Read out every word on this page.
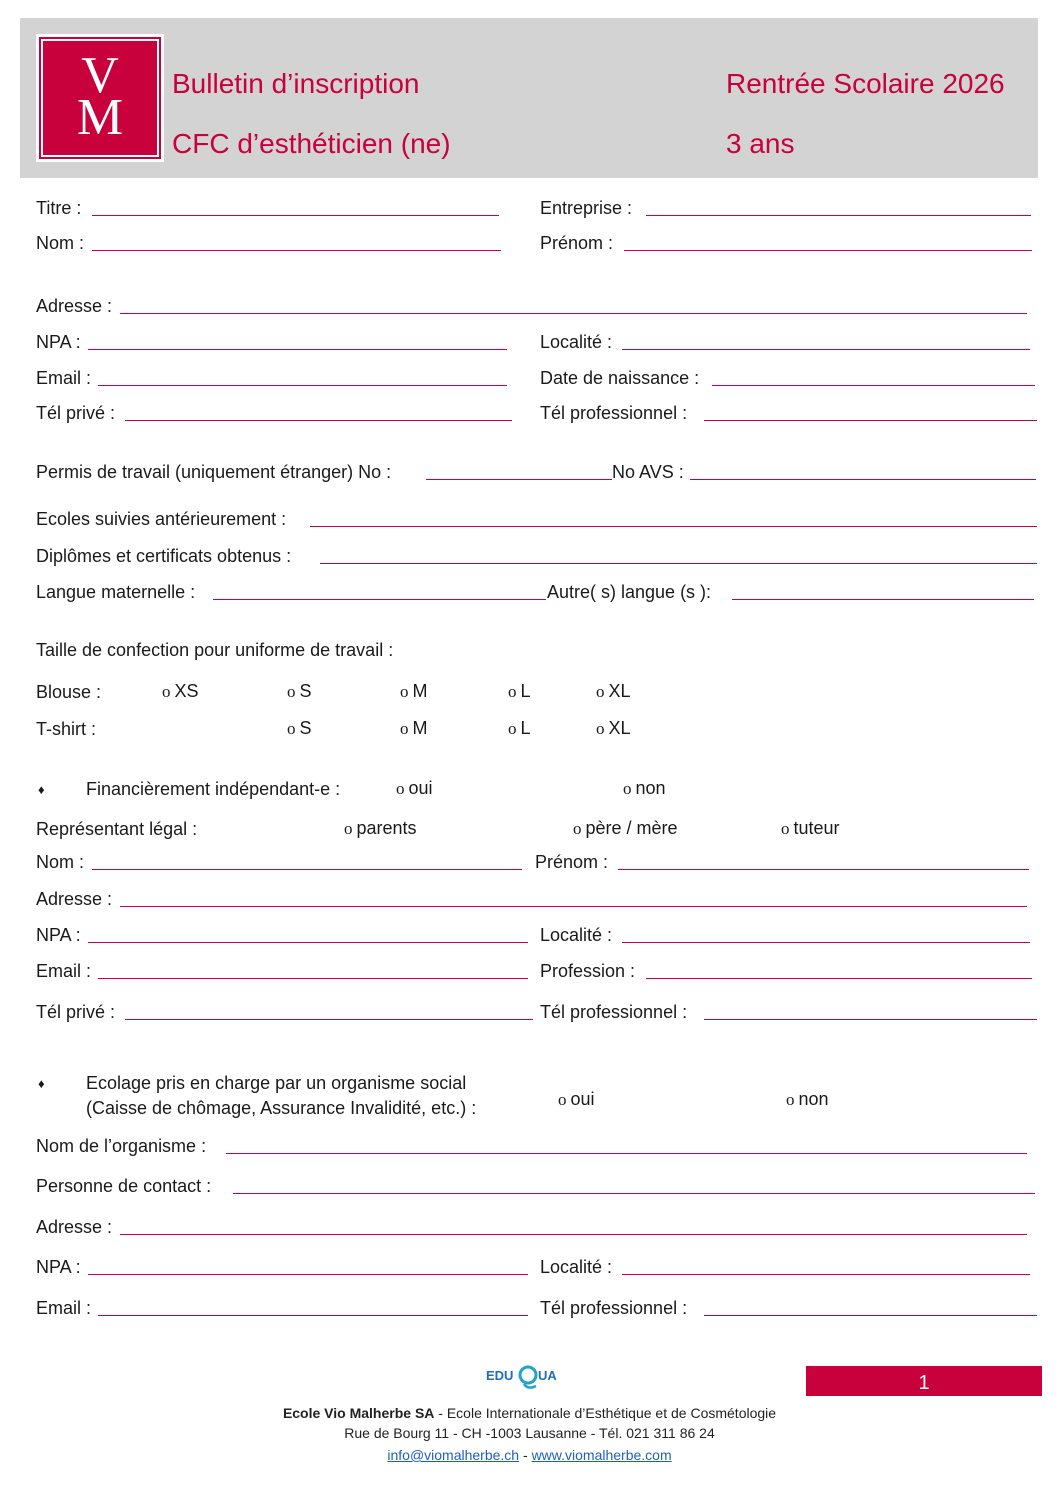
V
M
Bulletin d’inscription
CFC d’esthéticien (ne)
Rentrée Scolaire 2026
3 ans
Titre :	Entreprise :
Nom :	Prénom :
Adresse :
NPA :	Localité :
Email :	Date de naissance :
Tél privé :	Tél professionnel :
Permis de travail (uniquement étranger) No :	No AVS :
Ecoles suivies antérieurement :
Diplômes et certificats obtenus :
Langue maternelle :	Autre( s) langue (s ):
Taille de confection pour uniforme de travail :
Blouse :	o XS	o S	o M	o L	o XL
T-shirt :	o S	o M	o L	o XL
♦ Financièrement indépendant-e :	o oui	o non
Représentant légal :	o parents	o père / mère	o tuteur
Nom :	Prénom :
Adresse :
NPA :	Localité :
Email :	Profession :
Tél privé :	Tél professionnel :
♦ Ecolage pris en charge par un organisme social
(Caisse de chômage, Assurance Invalidité, etc.) :	o oui	o non
Nom de l’organisme :
Personne de contact :
Adresse :
NPA :	Localité :
Email :	Tél professionnel :
EDU UA	1
Ecole Vio Malherbe SA - Ecole Internationale d’Esthétique et de Cosmétologie
Rue de Bourg 11 - CH -1003 Lausanne - Tél. 021 311 86 24
info@viomalherbe.ch - www.viomalherbe.com
